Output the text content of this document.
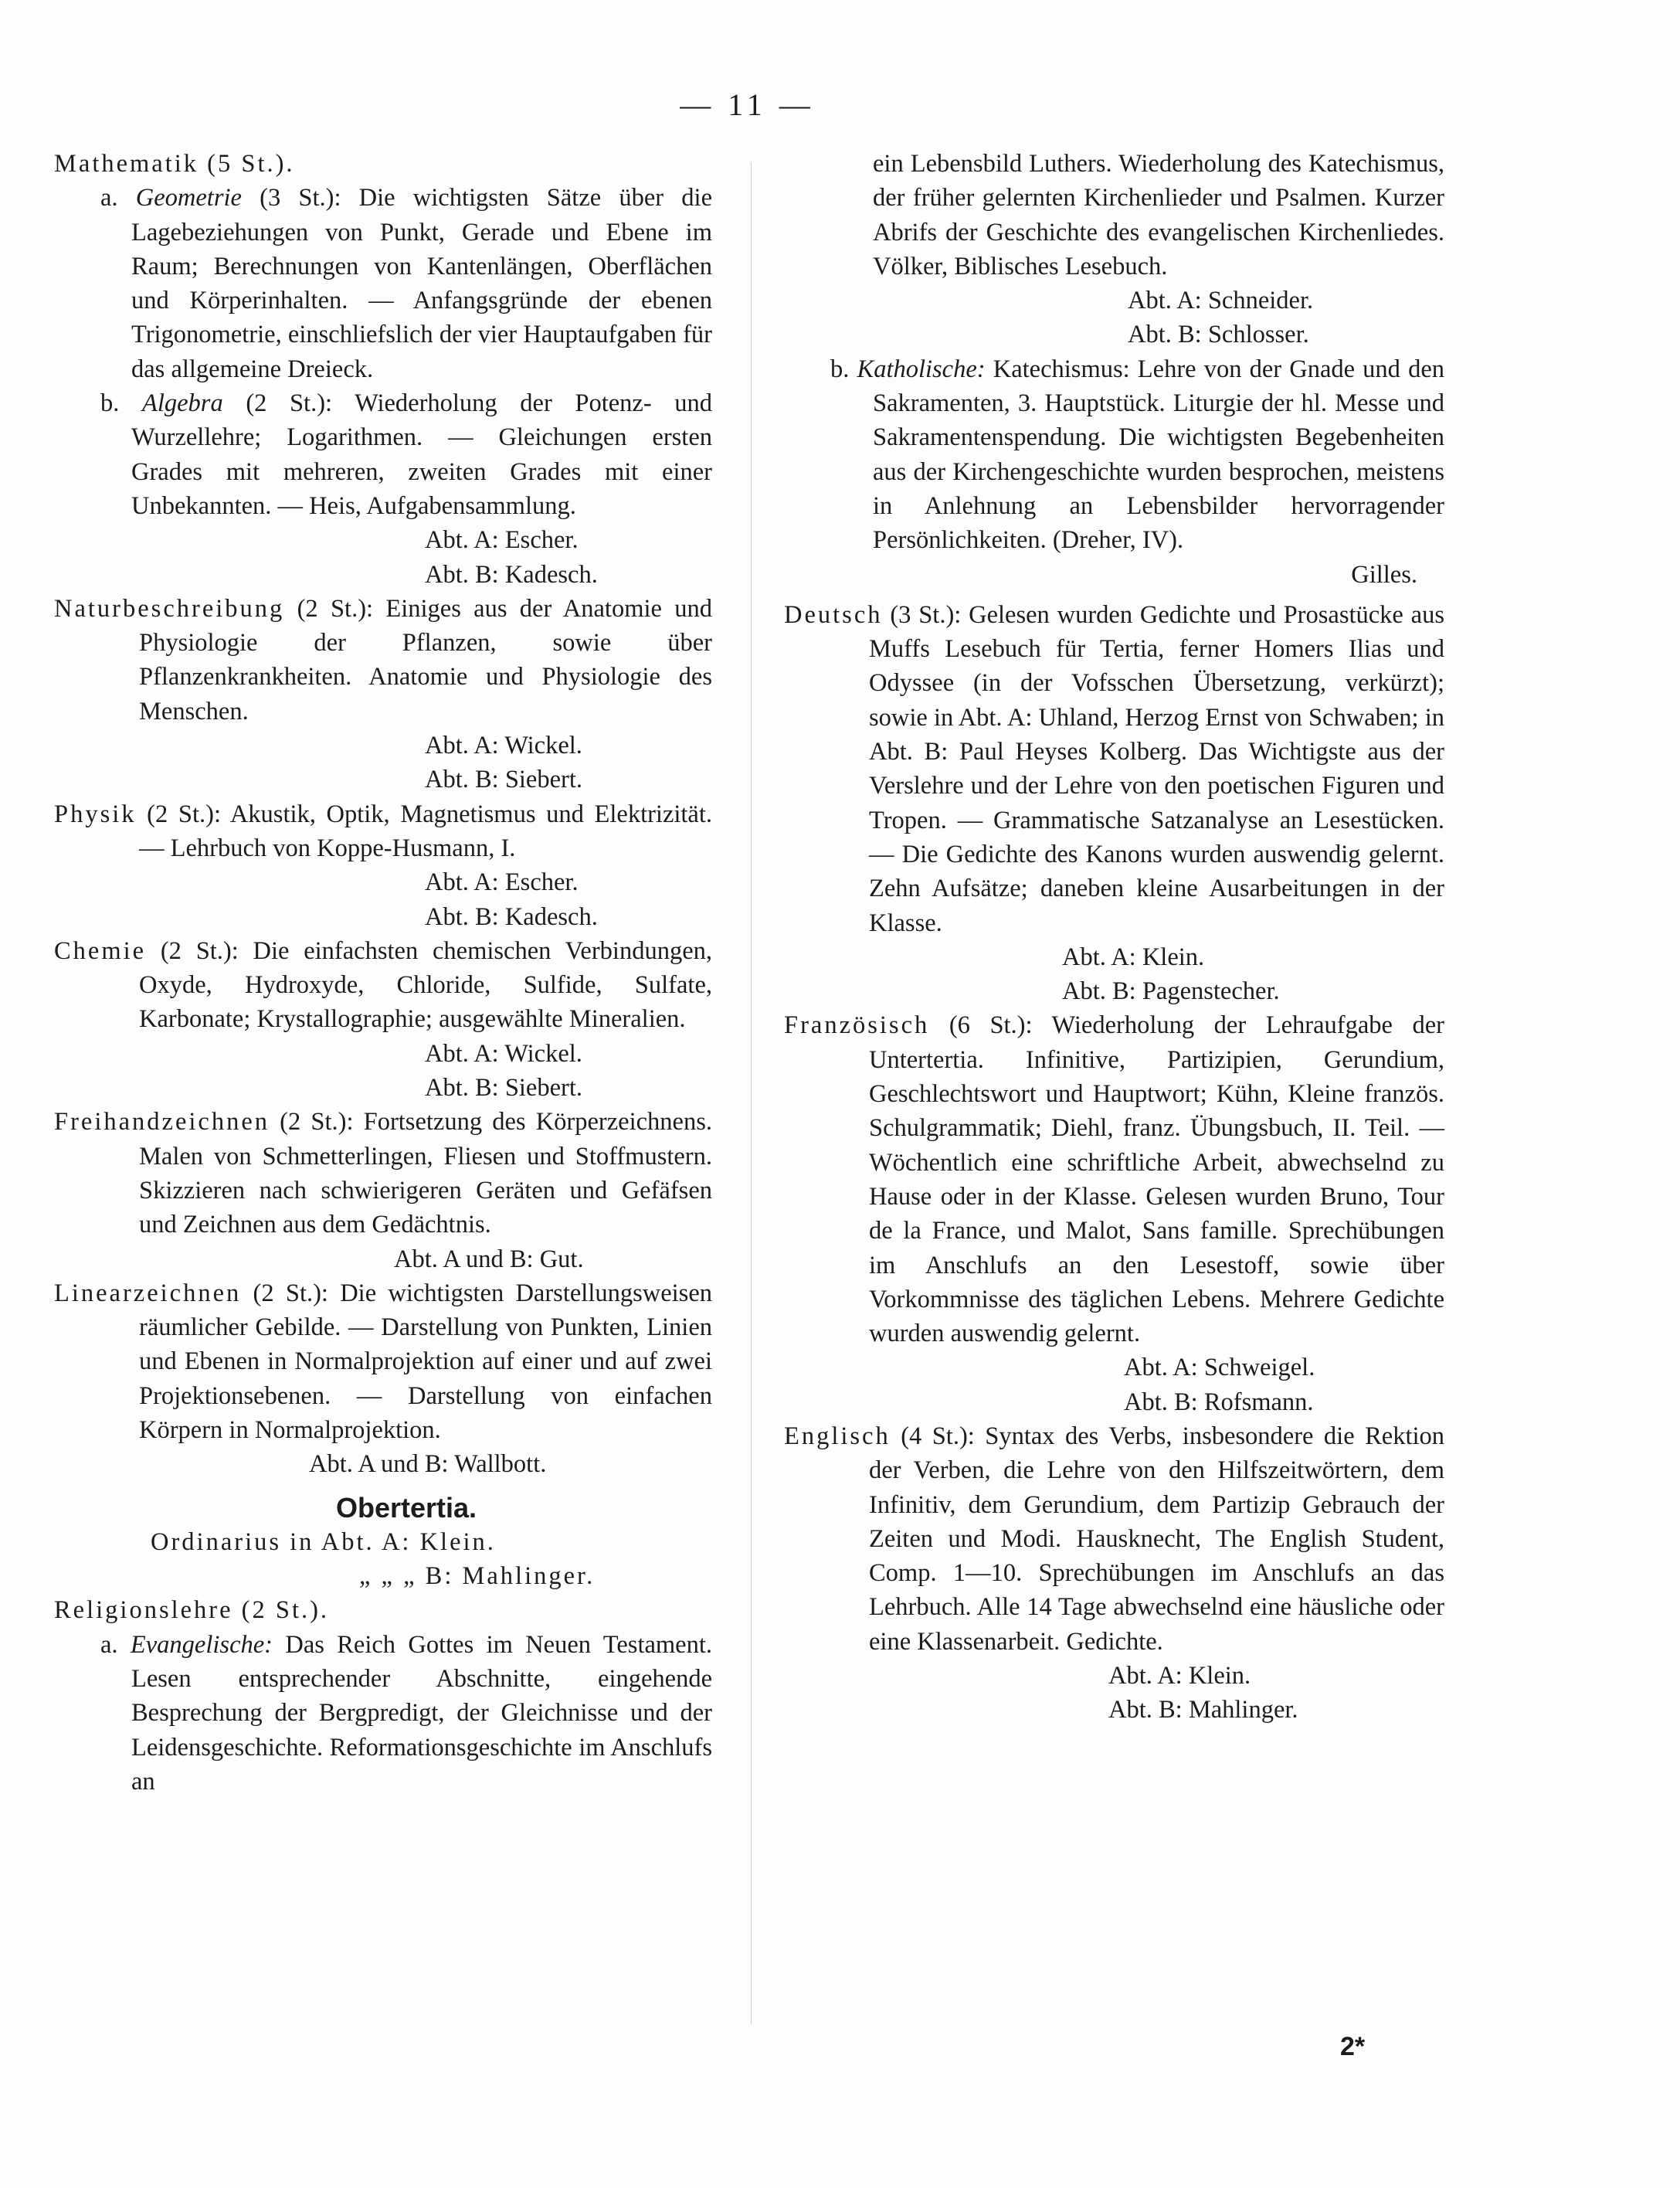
— 11 —
Mathematik (5 St.).
a. Geometrie (3 St.): Die wichtigsten Sätze über die Lagebeziehungen von Punkt, Gerade und Ebene im Raum; Berechnungen von Kantenlängen, Oberflächen und Körperinhalten. — Anfangsgründe der ebenen Trigonometrie, einschliefslich der vier Hauptaufgaben für das allgemeine Dreieck.
b. Algebra (2 St.): Wiederholung der Potenz- und Wurzellehre; Logarithmen. — Gleichungen ersten Grades mit mehreren, zweiten Grades mit einer Unbekannten. — Heis, Aufgabensammlung.
Abt. A: Escher.
Abt. B: Kadesch.
Naturbeschreibung (2 St.): Einiges aus der Anatomie und Physiologie der Pflanzen, sowie über Pflanzenkrankheiten. Anatomie und Physiologie des Menschen.
Abt. A: Wickel.
Abt. B: Siebert.
Physik (2 St.): Akustik, Optik, Magnetismus und Elektrizität. — Lehrbuch von Koppe-Husmann, I.
Abt. A: Escher.
Abt. B: Kadesch.
Chemie (2 St.): Die einfachsten chemischen Verbindungen, Oxyde, Hydroxyde, Chloride, Sulfide, Sulfate, Karbonate; Krystallographie; ausgewählte Mineralien.
Abt. A: Wickel.
Abt. B: Siebert.
Freihandzeichnen (2 St.): Fortsetzung des Körperzeichnens. Malen von Schmetterlingen, Fliesen und Stoffmustern. Skizzieren nach schwierigeren Geräten und Gefäfsen und Zeichnen aus dem Gedächtnis.
Abt. A und B: Gut.
Linearzeichnen (2 St.): Die wichtigsten Darstellungsweisen räumlicher Gebilde. — Darstellung von Punkten, Linien und Ebenen in Normalprojektion auf einer und auf zwei Projektionsebenen. — Darstellung von einfachen Körpern in Normalprojektion.
Abt. A und B: Wallbott.
Obertertia.
Ordinarius in Abt. A: Klein.
„ „ „ B: Mahlinger.
Religionslehre (2 St.).
a. Evangelische: Das Reich Gottes im Neuen Testament. Lesen entsprechender Abschnitte, eingehende Besprechung der Bergpredigt, der Gleichnisse und der Leidensgeschichte. Reformationsgeschichte im Anschlufs an
ein Lebensbild Luthers. Wiederholung des Katechismus, der früher gelernten Kirchenlieder und Psalmen. Kurzer Abrifs der Geschichte des evangelischen Kirchenliedes. Völker, Biblisches Lesebuch.
Abt. A: Schneider.
Abt. B: Schlosser.
b. Katholische: Katechismus: Lehre von der Gnade und den Sakramenten, 3. Hauptstück. Liturgie der hl. Messe und Sakramentenspendung. Die wichtigsten Begebenheiten aus der Kirchengeschichte wurden besprochen, meistens in Anlehnung an Lebensbilder hervorragender Persönlichkeiten. (Dreher, IV).
Gilles.
Deutsch (3 St.): Gelesen wurden Gedichte und Prosastücke aus Muffs Lesebuch für Tertia, ferner Homers Ilias und Odyssee (in der Vofsschen Übersetzung, verkürzt); sowie in Abt. A: Uhland, Herzog Ernst von Schwaben; in Abt. B: Paul Heyses Kolberg. Das Wichtigste aus der Verslehre und der Lehre von den poetischen Figuren und Tropen. — Grammatische Satzanalyse an Lesestücken. — Die Gedichte des Kanons wurden auswendig gelernt. Zehn Aufsätze; daneben kleine Ausarbeitungen in der Klasse.
Abt. A: Klein.
Abt. B: Pagenstecher.
Französisch (6 St.): Wiederholung der Lehraufgabe der Untertertia. Infinitive, Partizipien, Gerundium, Geschlechtswort und Hauptwort; Kühn, Kleine französ. Schulgrammatik; Diehl, franz. Übungsbuch, II. Teil. — Wöchentlich eine schriftliche Arbeit, abwechselnd zu Hause oder in der Klasse. Gelesen wurden Bruno, Tour de la France, und Malot, Sans famille. Sprechübungen im Anschlufs an den Lesestoff, sowie über Vorkommnisse des täglichen Lebens. Mehrere Gedichte wurden auswendig gelernt.
Abt. A: Schweigel.
Abt. B: Rofsmann.
Englisch (4 St.): Syntax des Verbs, insbesondere die Rektion der Verben, die Lehre von den Hilfszeitwörtern, dem Infinitiv, dem Gerundium, dem Partizip Gebrauch der Zeiten und Modi. Hausknecht, The English Student, Comp. 1—10. Sprechübungen im Anschlufs an das Lehrbuch. Alle 14 Tage abwechselnd eine häusliche oder eine Klassenarbeit. Gedichte.
Abt. A: Klein.
Abt. B: Mahlinger.
2*
